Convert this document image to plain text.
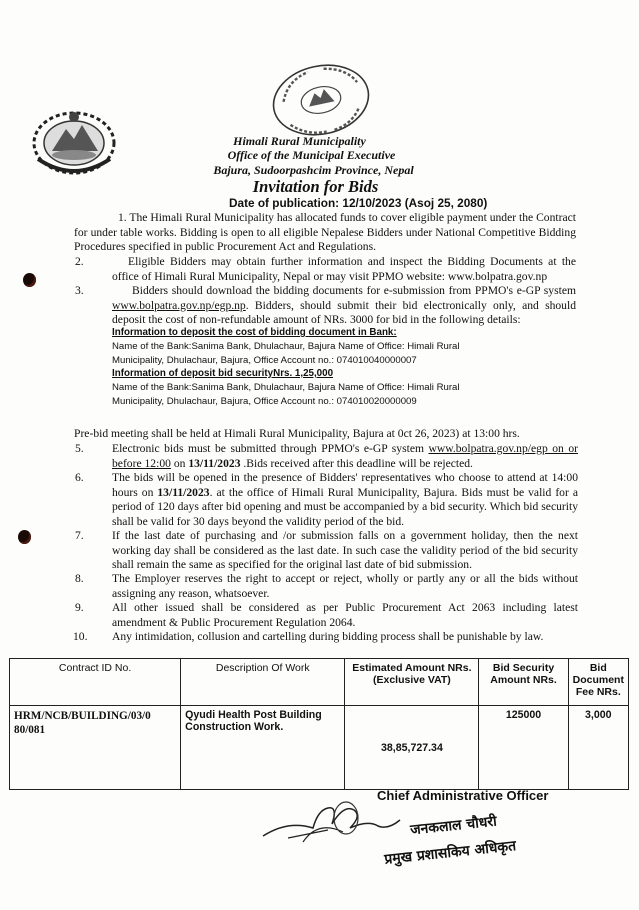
Himali Rural Municipality
Office of the Municipal Executive
Bajura, Sudoorpashcim Province, Nepal
Invitation for Bids
Date of publication: 12/10/2023 (Asoj 25, 2080)
1. The Himali Rural Municipality has allocated funds to cover eligible payment under the Contract for under table works. Bidding is open to all eligible Nepalese Bidders under National Competitive Bidding Procedures specified in public Procurement Act and Regulations.
2.	Eligible Bidders may obtain further information and inspect the Bidding Documents at the office of Himali Rural Municipality, Nepal or may visit PPMO website: www.bolpatra.gov.np
3.	Bidders should download the bidding documents for e-submission from PPMO's e-GP system www.bolpatra.gov.np/egp.np. Bidders, should submit their bid electronically only, and should deposit the cost of non-refundable amount of NRs. 3000 for bid in the following details:
Information to deposit the cost of bidding document in Bank:
Name of the Bank:Sanima Bank, Dhulachaur, Bajura Name of Office: Himali Rural
Municipality, Dhulachaur, Bajura, Office Account no.: 074010040000007
Information of deposit bid securityNrs. 1,25,000
Name of the Bank:Sanima Bank, Dhulachaur, Bajura Name of Office: Himali Rural
Municipality, Dhulachaur, Bajura, Office Account no.: 074010020000009
Pre-bid meeting shall be held at Himali Rural Municipality, Bajura at 0ct 26, 2023) at 13:00 hrs.
5. Electronic bids must be submitted through PPMO's e-GP system www.bolpatra.gov.np/egp on or before 12:00 on 13/11/2023 .Bids received after this deadline will be rejected.
6. The bids will be opened in the presence of Bidders' representatives who choose to attend at 14:00 hours on 13/11/2023. at the office of Himali Rural Municipality, Bajura. Bids must be valid for a period of 120 days after bid opening and must be accompanied by a bid security. Which bid security shall be valid for 30 days beyond the validity period of the bid.
7. If the last date of purchasing and /or submission falls on a government holiday, then the next working day shall be considered as the last date. In such case the validity period of the bid security shall remain the same as specified for the original last date of bid submission.
8. The Employer reserves the right to accept or reject, wholly or partly any or all the bids without assigning any reason, whatsoever.
9. All other issued shall be considered as per Public Procurement Act 2063 including latest amendment & Public Procurement Regulation 2064.
10. Any intimidation, collusion and cartelling during bidding process shall be punishable by law.
Contract ID No.	Description Of Work	Estimated Amount NRs. (Exclusive VAT)	Bid Security Amount NRs.	Bid Document Fee NRs.
HRM/NCB/BUILDING/03/0 80/081	Qyudi Health Post Building Construction Work.	38,85,727.34	125000	3,000
Chief Administrative Officer
जनकलाल चौधरी
प्रमुख प्रशासकिय अधिकृत
